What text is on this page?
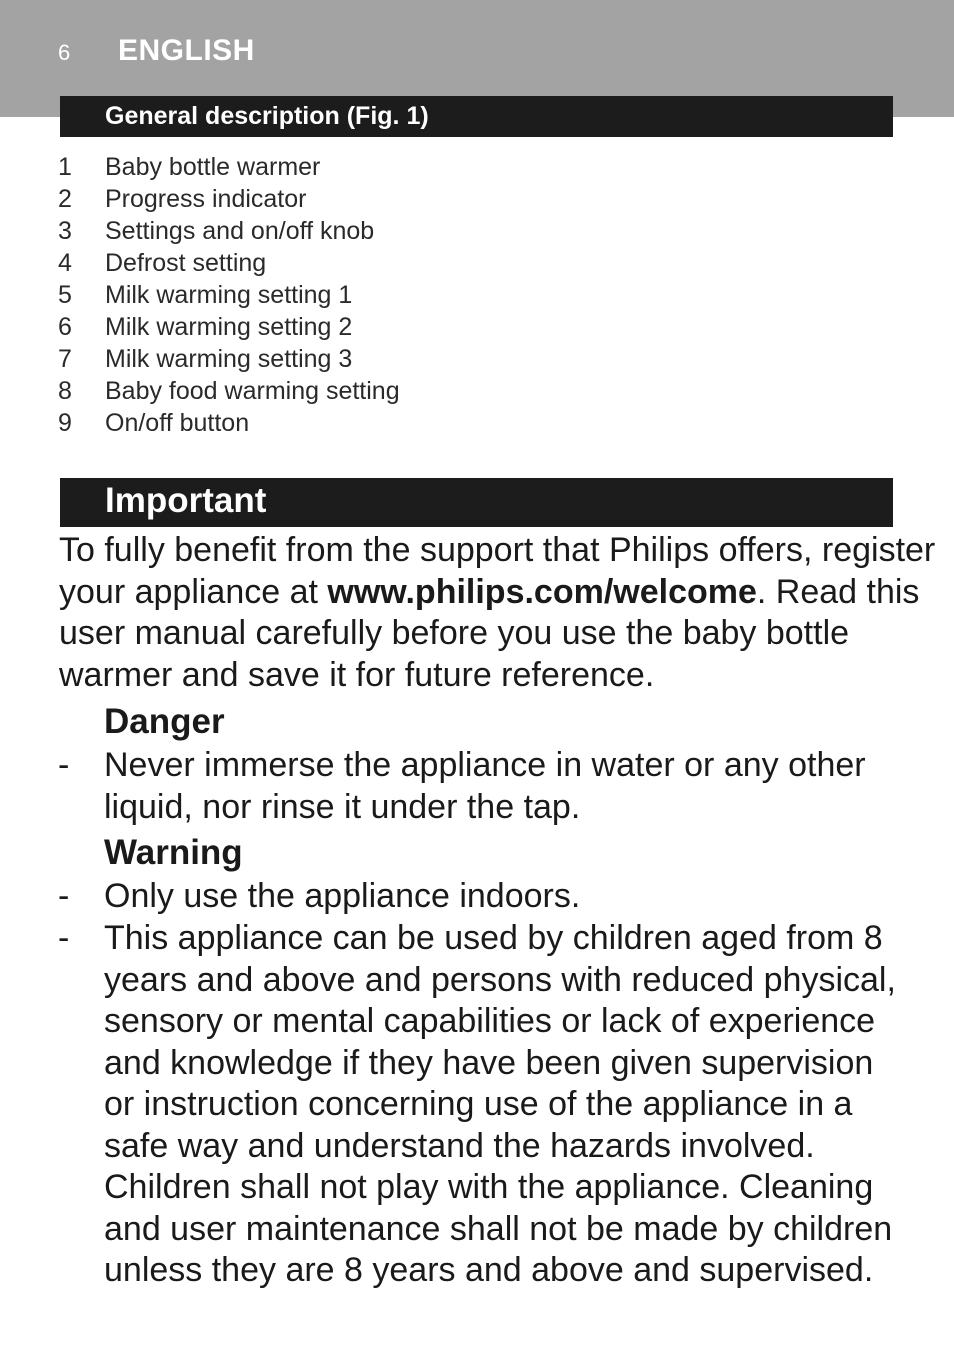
6 ENGLISH
General description (Fig. 1)
1	Baby bottle warmer
2	Progress indicator
3	Settings and on/off knob
4	Defrost setting
5	Milk warming setting 1
6	Milk warming setting 2
7	Milk warming setting 3
8	Baby food warming setting
9	On/off button
Important
To fully benefit from the support that Philips offers, register your appliance at www.philips.com/welcome. Read this user manual carefully before you use the baby bottle warmer and save it for future reference.
Danger
- Never immerse the appliance in water or any other liquid, nor rinse it under the tap.
Warning
- Only use the appliance indoors.
- This appliance can be used by children aged from 8 years and above and persons with reduced physical, sensory or mental capabilities or lack of experience and knowledge if they have been given supervision or instruction concerning use of the appliance in a safe way and understand the hazards involved. Children shall not play with the appliance. Cleaning and user maintenance shall not be made by children unless they are 8 years and above and supervised.
